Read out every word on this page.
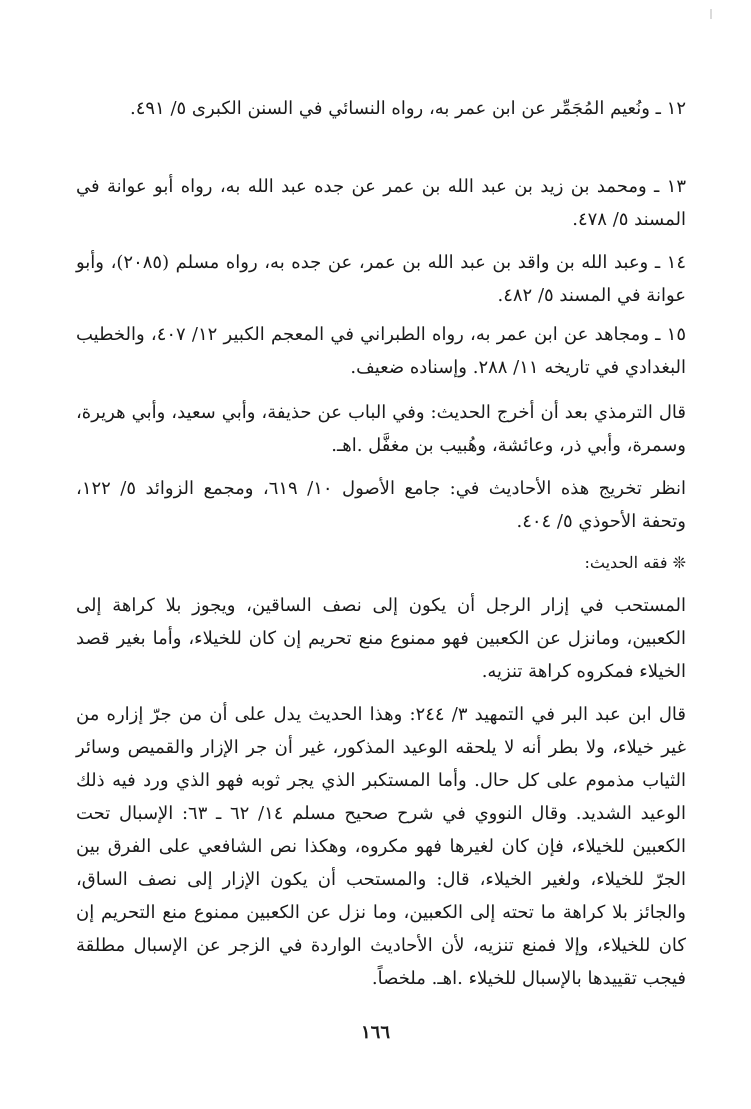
١٢ ـ ونُعيم المُجَمِّر عن ابن عمر به، رواه النسائي في السنن الكبرى ٥/ ٤٩١.

١٣ ـ ومحمد بن زيد بن عبد الله بن عمر عن جده عبد الله به، رواه أبو عوانة في المسند ٥/ ٤٧٨.

١٤ ـ وعبد الله بن واقد بن عبد الله بن عمر، عن جده به، رواه مسلم (٢٠٨٥)، وأبو عوانة في المسند ٥/ ٤٨٢.

١٥ ـ ومجاهد عن ابن عمر به، رواه الطبراني في المعجم الكبير ١٢/ ٤٠٧، والخطيب البغدادي في تاريخه ١١/ ٢٨٨. وإسناده ضعيف.

قال الترمذي بعد أن أخرج الحديث: وفي الباب عن حذيفة، وأبي سعيد، وأبي هريرة، وسمرة، وأبي ذر، وعائشة، وهُبيب بن مغفَّل .اهـ.

انظر تخريج هذه الأحاديث في: جامع الأصول ١٠/ ٦١٩، ومجمع الزوائد ٥/ ١٢٢، وتحفة الأحوذي ٥/ ٤٠٤.

❊ فقه الحديث:

المستحب في إزار الرجل أن يكون إلى نصف الساقين، ويجوز بلا كراهة إلى الكعبين، ومانزل عن الكعبين فهو ممنوع منع تحريم إن كان للخيلاء، وأما بغير قصد الخيلاء فمكروه كراهة تنزيه.

قال ابن عبد البر في التمهيد ٣/ ٢٤٤: وهذا الحديث يدل على أن من جرّ إزاره من غير خيلاء، ولا بطر أنه لا يلحقه الوعيد المذكور، غير أن جر الإزار والقميص وسائر الثياب مذموم على كل حال. وأما المستكبر الذي يجر ثوبه فهو الذي ورد فيه ذلك الوعيد الشديد. وقال النووي في شرح صحيح مسلم ١٤/ ٦٢ ـ ٦٣: الإسبال تحت الكعبين للخيلاء، فإن كان لغيرها فهو مكروه، وهكذا نص الشافعي على الفرق بين الجرّ للخيلاء، ولغير الخيلاء، قال: والمستحب أن يكون الإزار إلى نصف الساق، والجائز بلا كراهة ما تحته إلى الكعبين، وما نزل عن الكعبين ممنوع منع التحريم إن كان للخيلاء، وإلا فمنع تنزيه، لأن الأحاديث الواردة في الزجر عن الإسبال مطلقة فيجب تقييدها بالإسبال للخيلاء .اهـ. ملخصاً.

١٦٦
